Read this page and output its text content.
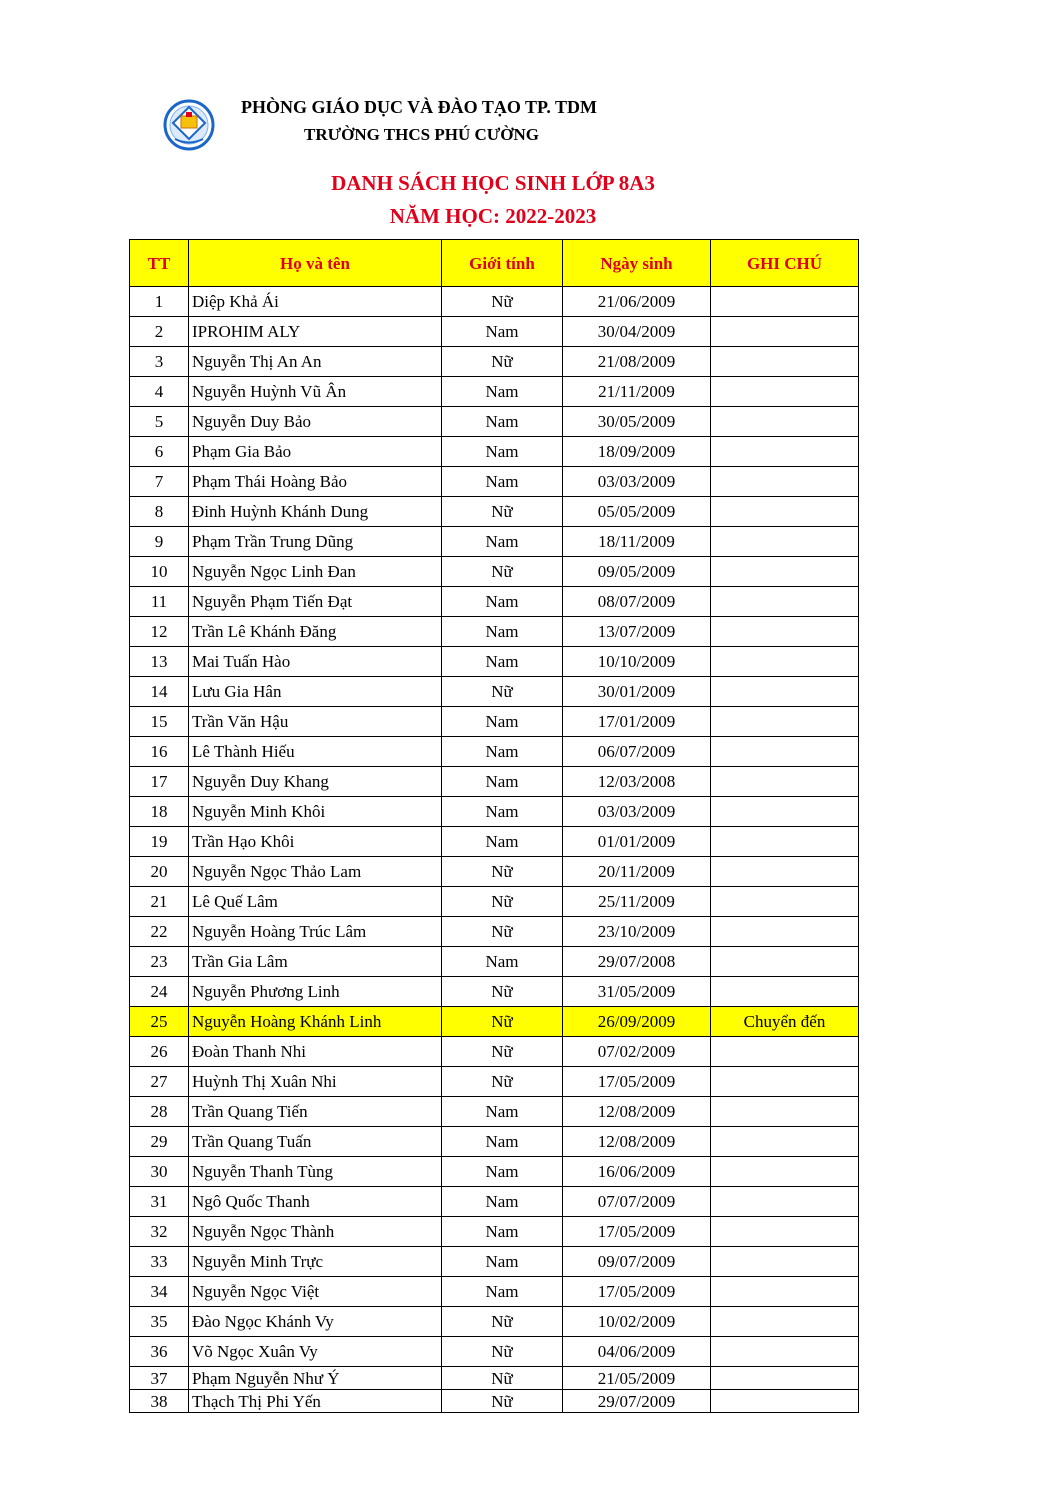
PHÒNG GIÁO DỤC VÀ ĐÀO TẠO TP. TDM
TRƯỜNG THCS PHÚ CƯỜNG
DANH SÁCH HỌC SINH LỚP 8A3
NĂM HỌC: 2022-2023
TT	Họ và tên	Giới tính	Ngày sinh	GHI CHÚ
1	Diệp Khả Ái	Nữ	21/06/2009	
2	IPROHIM ALY	Nam	30/04/2009	
3	Nguyễn Thị An An	Nữ	21/08/2009	
4	Nguyễn Huỳnh Vũ Ân	Nam	21/11/2009	
5	Nguyễn Duy Bảo	Nam	30/05/2009	
6	Phạm Gia Bảo	Nam	18/09/2009	
7	Phạm Thái Hoàng Bảo	Nam	03/03/2009	
8	Đinh Huỳnh Khánh Dung	Nữ	05/05/2009	
9	Phạm Trần Trung Dũng	Nam	18/11/2009	
10	Nguyễn Ngọc Linh Đan	Nữ	09/05/2009	
11	Nguyễn Phạm Tiến Đạt	Nam	08/07/2009	
12	Trần Lê Khánh Đăng	Nam	13/07/2009	
13	Mai Tuấn Hào	Nam	10/10/2009	
14	Lưu Gia Hân	Nữ	30/01/2009	
15	Trần Văn Hậu	Nam	17/01/2009	
16	Lê Thành Hiếu	Nam	06/07/2009	
17	Nguyễn Duy Khang	Nam	12/03/2008	
18	Nguyễn Minh Khôi	Nam	03/03/2009	
19	Trần Hạo Khôi	Nam	01/01/2009	
20	Nguyễn Ngọc Thảo Lam	Nữ	20/11/2009	
21	Lê Quế Lâm	Nữ	25/11/2009	
22	Nguyễn Hoàng Trúc Lâm	Nữ	23/10/2009	
23	Trần Gia Lâm	Nam	29/07/2008	
24	Nguyễn Phương Linh	Nữ	31/05/2009	
25	Nguyễn Hoàng Khánh Linh	Nữ	26/09/2009	Chuyển đến
26	Đoàn Thanh Nhi	Nữ	07/02/2009	
27	Huỳnh Thị Xuân Nhi	Nữ	17/05/2009	
28	Trần Quang Tiến	Nam	12/08/2009	
29	Trần Quang Tuấn	Nam	12/08/2009	
30	Nguyễn Thanh Tùng	Nam	16/06/2009	
31	Ngô Quốc Thanh	Nam	07/07/2009	
32	Nguyễn Ngọc Thành	Nam	17/05/2009	
33	Nguyễn Minh Trực	Nam	09/07/2009	
34	Nguyễn Ngọc Việt	Nam	17/05/2009	
35	Đào Ngọc Khánh Vy	Nữ	10/02/2009	
36	Võ Ngọc Xuân Vy	Nữ	04/06/2009	
37	Phạm Nguyễn Như Ý	Nữ	21/05/2009	
38	Thạch Thị Phi Yến	Nữ	29/07/2009	
